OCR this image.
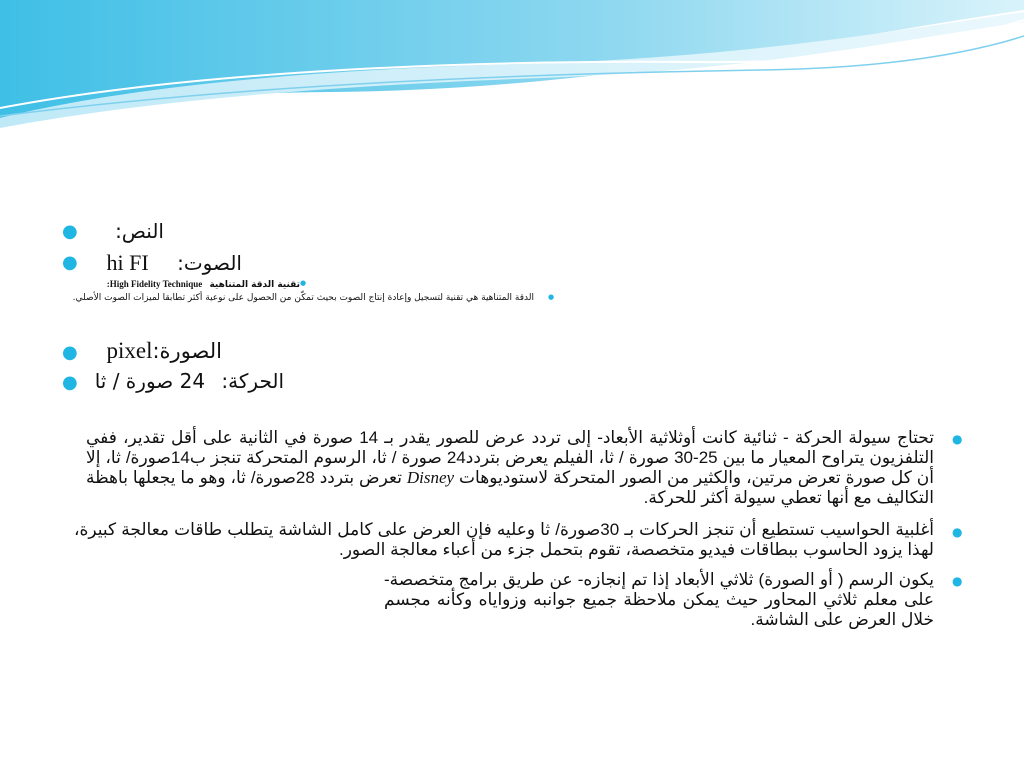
● النص:
●	الصوت: hi FI
●
تقنية الدقة المتناهية High Fidelity Technique:
●
الدقة المتناهية هي تقنية لتسجيل وإعادة إنتاج الصوت بحيث تمكّن من الحصول على نوعية أكثر تطابقا لميزات الصوت الأصلي.
●	الصورة:pixel
●	الحركة: 24 صورة / ثا
●
تحتاج سيولة الحركة - ثنائية كانت أوثلاثية الأبعاد- إلى تردد عرض للصور يقدر بـ 14 صورة في الثانية على أقل تقدير، ففي التلفزيون يتراوح المعيار ما بين 25-30 صورة / ثا، الفيلم يعرض بتردد24 صورة / ثا، الرسوم المتحركة تنجز ب14صورة/ ثا، إلا أن كل صورة تعرض مرتين، والكثير من الصور المتحركة لاستوديوهات Disney تعرض بتردد 28صورة/ ثا، وهو ما يجعلها باهظة التكاليف مع أنها تعطي سيولة أكثر للحركة.
●
أغلبية الحواسيب تستطيع أن تنجز الحركات بـ 30صورة/ ثا وعليه فإن العرض على كامل الشاشة يتطلب طاقات معالجة كبيرة، لهذا يزود الحاسوب ببطاقات فيديو متخصصة، تقوم بتحمل جزء من أعباء معالجة الصور.
●
يكون الرسم ( أو الصورة) ثلاثي الأبعاد إذا تم إنجازه- عن طريق برامج متخصصة- على معلم ثلاثي المحاور حيث يمكن ملاحظة جميع جوانبه وزواياه وكأنه مجسم خلال العرض على الشاشة.
